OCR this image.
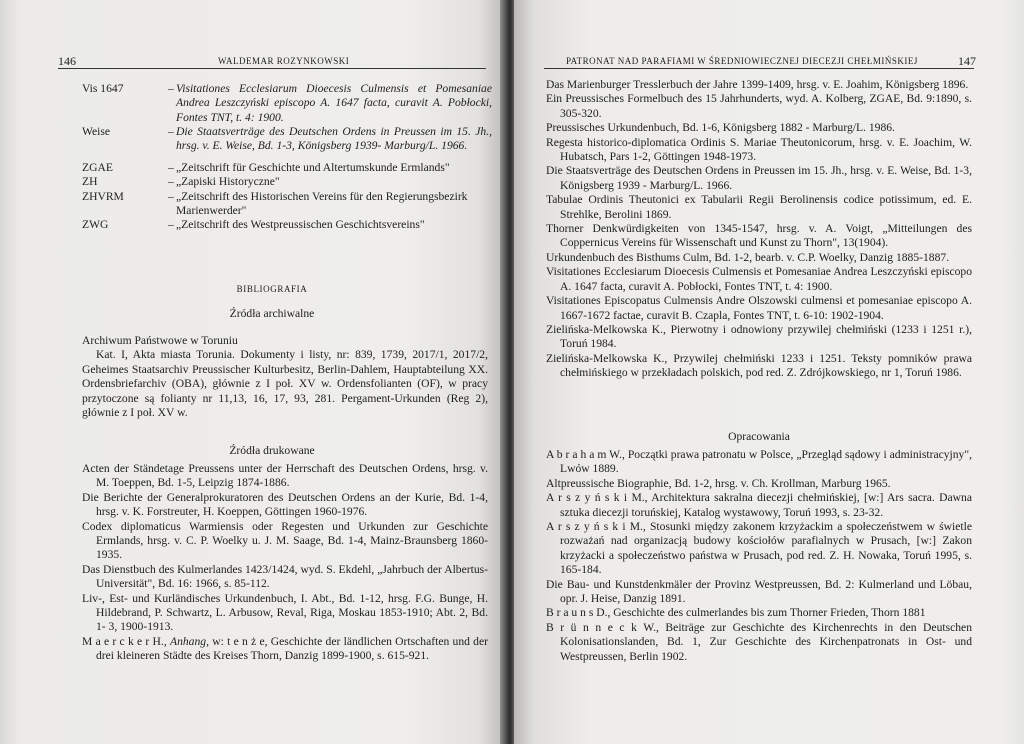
146	WALDEMAR ROZYNKOWSKI
Vis 1647	– Visitationes Ecclesiarum Dioecesis Culmensis et Pomesaniae Andrea Leszczyński episcopo A. 1647 facta, curavit A. Pobłocki, Fontes TNT, t. 4: 1900.
Weise	– Die Staatsverträge des Deutschen Ordens in Preussen im 15. Jh., hrsg. v. E. Weise, Bd. 1-3, Königsberg 1939- Marburg/L. 1966.
ZGAE	– „Zeitschrift für Geschichte und Altertumskunde Ermlands"
ZH	– „Zapiski Historyczne"
ZHVRM	– „Zeitschrift des Historischen Vereins für den Regierungsbezirk Marienwerder"
ZWG	– „Zeitschrift des Westpreussischen Geschichtsvereins"
BIBLIOGRAFIA
Źródła archiwalne

Archiwum Państwowe w Toruniu

Kat. I, Akta miasta Torunia. Dokumenty i listy, nr: 839, 1739, 2017/1, 2017/2, Geheimes Staatsarchiv Preussischer Kulturbesitz, Berlin-Dahlem, Hauptabteilung XX. Ordensbriefarchiv (OBA), głównie z I poł. XV w. Ordensfolianten (OF), w pracy przytoczone są folianty nr 11,13, 16, 17, 93, 281. Pergament-Urkunden (Reg 2), głównie z I poł. XV w.

Źródła drukowane

Acten der Ständetage Preussens unter der Herrschaft des Deutschen Ordens, hrsg. v. M. Toeppen, Bd. 1-5, Leipzig 1874-1886.

Die Berichte der Generalprokuratoren des Deutschen Ordens an der Kurie, Bd. 1-4, hrsg. v. K. Forstreuter, H. Koeppen, Göttingen 1960-1976.

Codex diplomaticus Warmiensis oder Regesten und Urkunden zur Geschichte Ermlands, hrsg. v. C. P. Woelky u. J. M. Saage, Bd. 1-4, Mainz-Braunsberg 1860-1935.

Das Dienstbuch des Kulmerlandes 1423/1424, wyd. S. Ekdehl, „Jahrbuch der Albertus-Universität", Bd. 16: 1966, s. 85-112.

Liv-, Est- und Kurländisches Urkundenbuch, I. Abt., Bd. 1-12, hrsg. F.G. Bunge, H. Hildebrand, P. Schwartz, L. Arbusow, Reval, Riga, Moskau 1853-1910; Abt. 2, Bd. 1- 3, 1900-1913.

M a e r c k e r H., Anhang, w: t e n ż e, Geschichte der ländlichen Ortschaften und der drei kleineren Städte des Kreises Thorn, Danzig 1899-1900, s. 615-921.

PATRONAT NAD PARAFIAMI W ŚREDNIOWIECZNEJ DIECEZJI CHEŁMIŃSKIEJ	147

Das Marienburger Tresslerbuch der Jahre 1399-1409, hrsg. v. E. Joahim, Königsberg 1896.

Ein Preussisches Formelbuch des 15 Jahrhunderts, wyd. A. Kolberg, ZGAE, Bd. 9:1890, s. 305-320.

Preussisches Urkundenbuch, Bd. 1-6, Königsberg 1882 - Marburg/L. 1986.

Regesta historico-diplomatica Ordinis S. Mariae Theutonicorum, hrsg. v. E. Joachim, W. Hubatsch, Pars 1-2, Göttingen 1948-1973.

Die Staatsverträge des Deutschen Ordens in Preussen im 15. Jh., hrsg. v. E. Weise, Bd. 1-3, Königsberg 1939 - Marburg/L. 1966.

Tabulae Ordinis Theutonici ex Tabularii Regii Berolinensis codice potissimum, ed. E. Strehlke, Berolini 1869.

Thorner Denkwürdigkeiten von 1345-1547, hrsg. v. A. Voigt, „Mitteilungen des Coppernicus Vereins für Wissenschaft und Kunst zu Thorn", 13(1904).

Urkundenbuch des Bisthums Culm, Bd. 1-2, bearb. v. C.P. Woelky, Danzig 1885-1887.

Visitationes Ecclesiarum Dioecesis Culmensis et Pomesaniae Andrea Leszczyński episcopo A. 1647 facta, curavit A. Pobłocki, Fontes TNT, t. 4: 1900.

Visitationes Episcopatus Culmensis Andre Olszowski culmensi et pomesaniae episcopo A. 1667-1672 factae, curavit B. Czapla, Fontes TNT, t. 6-10: 1902-1904.

Zielińska-Melkowska K., Pierwotny i odnowiony przywilej chełmiński (1233 i 1251 r.), Toruń 1984.

Zielińska-Melkowska K., Przywilej chełmiński 1233 i 1251. Teksty pomników prawa chełmińskiego w przekładach polskich, pod red. Z. Zdrójkowskiego, nr 1, Toruń 1986.

Opracowania

A b r a h a m W., Początki prawa patronatu w Polsce, „Przegląd sądowy i administracyjny", Lwów 1889.

Altpreussische Biographie, Bd. 1-2, hrsg. v. Ch. Krollman, Marburg 1965.

A r s z y ń s k i M., Architektura sakralna diecezji chełmińskiej, [w:] Ars sacra. Dawna sztuka diecezji toruńskiej, Katalog wystawowy, Toruń 1993, s. 23-32.

A r s z y ń s k i M., Stosunki między zakonem krzyżackim a społeczeństwem w świetle rozważań nad organizacją budowy kościołów parafialnych w Prusach, [w:] Zakon krzyżacki a społeczeństwo państwa w Prusach, pod red. Z. H. Nowaka, Toruń 1995, s. 165-184.

Die Bau- und Kunstdenkmäler der Provinz Westpreussen, Bd. 2: Kulmerland und Löbau, opr. J. Heise, Danzig 1891.

B r a u n s D., Geschichte des culmerlandes bis zum Thorner Frieden, Thorn 1881

B r ü n n e c k W., Beiträge zur Geschichte des Kirchenrechts in den Deutschen Kolonisationslanden, Bd. 1, Zur Geschichte des Kirchenpatronats in Ost- und Westpreussen, Berlin 1902.
